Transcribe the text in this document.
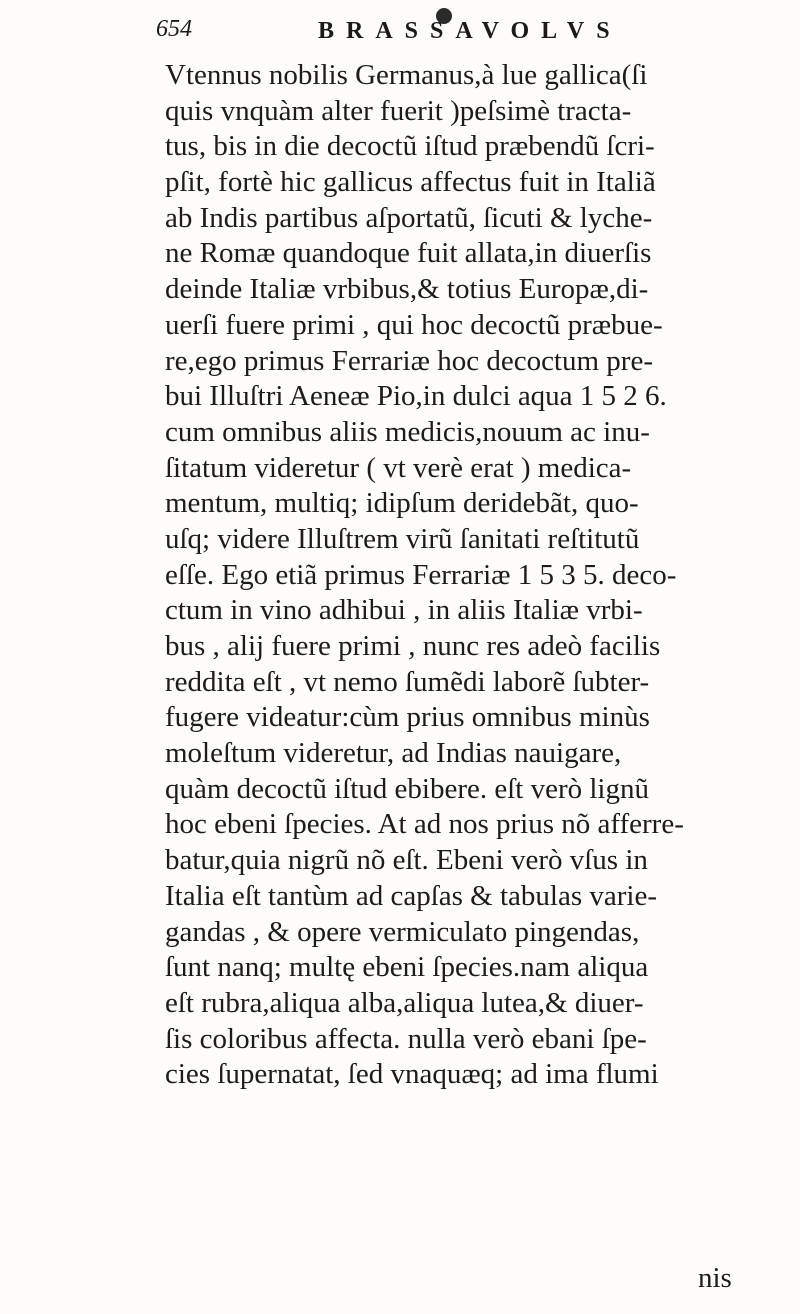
654	BRASSAVOLVS
Vtennus nobilis Germanus,à lue gallica(ſi
quis vnquàm alter fuerit )peſsimè tracta-
tus, bis in die decoctũ iſtud præbendũ ſcri-
pſit, fortè hic gallicus affectus fuit in Italiã
ab Indis partibus aſportatũ, ſicuti & lyche-
ne Romæ quandoque fuit allata,in diuerſis
deinde Italiæ vrbibus,& totius Europæ,di-
uerſi fuere primi , qui hoc decoctũ præbue-
re,ego primus Ferrariæ hoc decoctum pre-
bui Illuſtri Aeneæ Pio,in dulci aqua 1 5 2 6.
cum omnibus aliis medicis,nouum ac inu-
ſitatum videretur ( vt verè erat ) medica-
mentum, multiq; idipſum deridebãt, quo-
uſq; videre Illuſtrem virũ ſanitati reſtitutũ
eſſe. Ego etiã primus Ferrariæ 1 5 3 5. deco-
ctum in vino adhibui , in aliis Italiæ vrbi-
bus , alij fuere primi , nunc res adeò facilis
reddita eſt , vt nemo ſumẽdi laborẽ ſubter-
fugere videatur:cùm prius omnibus minùs
moleſtum videretur, ad Indias nauigare,
quàm decoctũ iſtud ebibere. eſt verò lignũ
hoc ebeni ſpecies. At ad nos prius nõ afferre-
batur,quia nigrũ nõ eſt. Ebeni verò vſus in
Italia eſt tantùm ad capſas & tabulas varie-
gandas , & opere vermiculato pingendas,
ſunt nanq; multę ebeni ſpecies.nam aliqua
eſt rubra,aliqua alba,aliqua lutea,& diuer-
ſis coloribus affecta. nulla verò ebani ſpe-
cies ſupernatat, ſed vnaquæq; ad ima flumi
nis
